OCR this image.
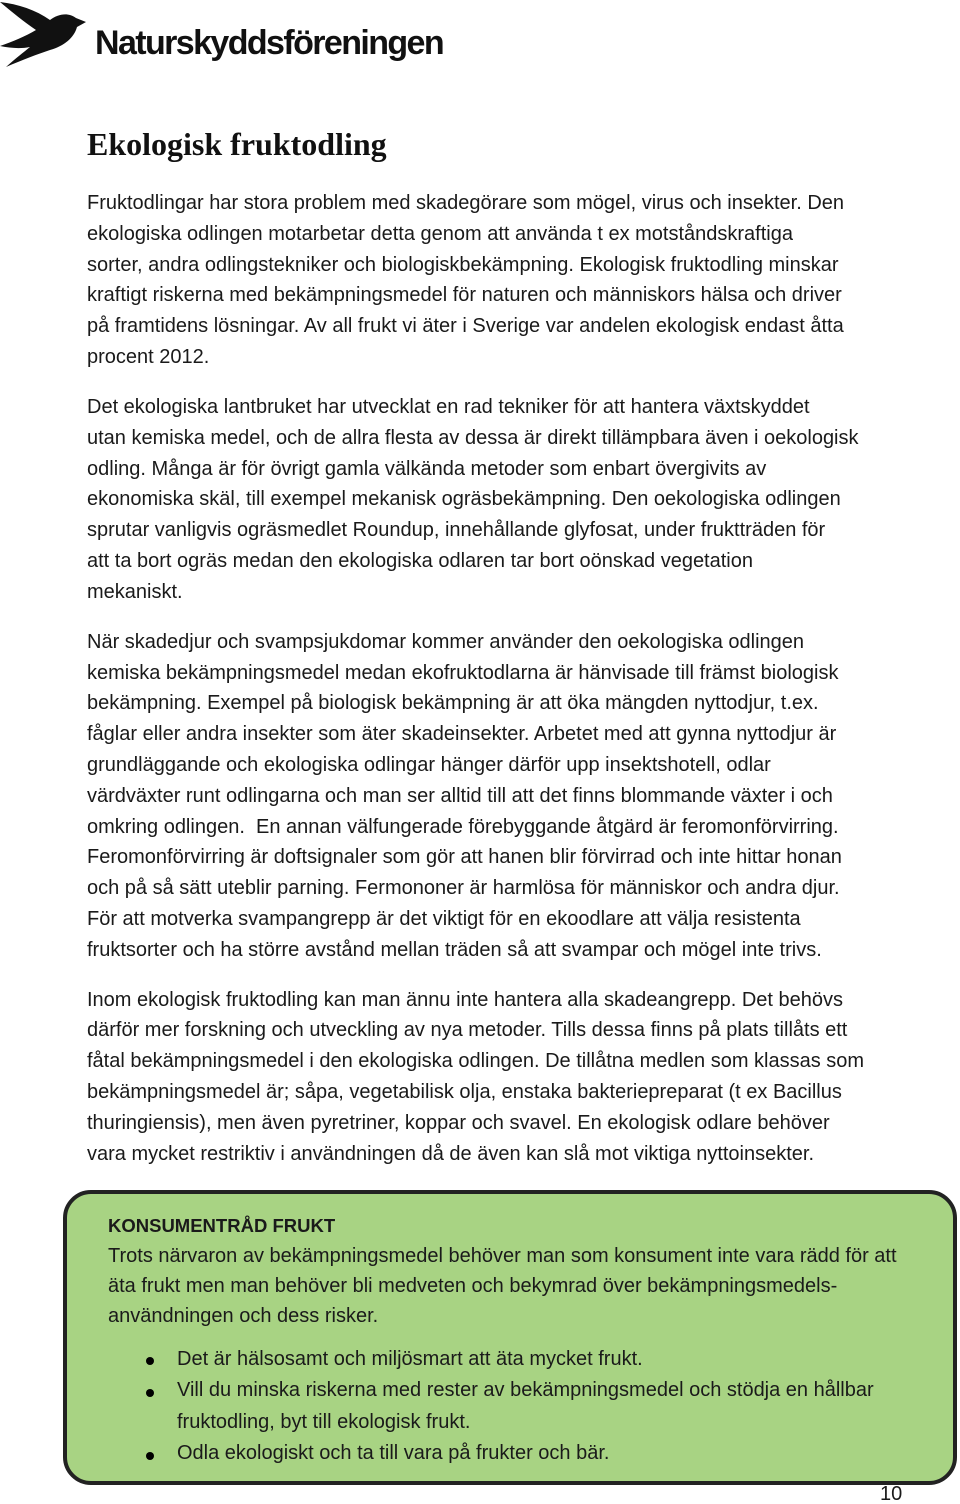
Naturskyddsföreningen
Ekologisk fruktodling

Fruktodlingar har stora problem med skadegörare som mögel, virus och insekter. Den
ekologiska odlingen motarbetar detta genom att använda t ex motståndskraftiga
sorter, andra odlingstekniker och biologiskbekämpning. Ekologisk fruktodling minskar
kraftigt riskerna med bekämpningsmedel för naturen och människors hälsa och driver
på framtidens lösningar. Av all frukt vi äter i Sverige var andelen ekologisk endast åtta
procent 2012.

Det ekologiska lantbruket har utvecklat en rad tekniker för att hantera växtskyddet
utan kemiska medel, och de allra flesta av dessa är direkt tillämpbara även i oekologisk
odling. Många är för övrigt gamla välkända metoder som enbart övergivits av
ekonomiska skäl, till exempel mekanisk ogräsbekämpning. Den oekologiska odlingen
sprutar vanligvis ogräsmedlet Roundup, innehållande glyfosat, under fruktträden för
att ta bort ogräs medan den ekologiska odlaren tar bort oönskad vegetation
mekaniskt.

När skadedjur och svampsjukdomar kommer använder den oekologiska odlingen
kemiska bekämpningsmedel medan ekofruktodlarna är hänvisade till främst biologisk
bekämpning. Exempel på biologisk bekämpning är att öka mängden nyttodjur, t.ex.
fåglar eller andra insekter som äter skadeinsekter. Arbetet med att gynna nyttodjur är
grundläggande och ekologiska odlingar hänger därför upp insektshotell, odlar
värdväxter runt odlingarna och man ser alltid till att det finns blommande växter i och
omkring odlingen.  En annan välfungerade förebyggande åtgärd är feromonförvirring.
Feromonförvirring är doftsignaler som gör att hanen blir förvirrad och inte hittar honan
och på så sätt uteblir parning. Fermononer är harmlösa för människor och andra djur.
För att motverka svampangrepp är det viktigt för en ekoodlare att välja resistenta
fruktsorter och ha större avstånd mellan träden så att svampar och mögel inte trivs.

Inom ekologisk fruktodling kan man ännu inte hantera alla skadeangrepp. Det behövs
därför mer forskning och utveckling av nya metoder. Tills dessa finns på plats tillåts ett
fåtal bekämpningsmedel i den ekologiska odlingen. De tillåtna medlen som klassas som
bekämpningsmedel är; såpa, vegetabilisk olja, enstaka bakteriepreparat (t ex Bacillus
thuringiensis), men även pyretriner, koppar och svavel. En ekologisk odlare behöver
vara mycket restriktiv i användningen då de även kan slå mot viktiga nyttoinsekter.

KONSUMENTRÅD FRUKT
Trots närvaron av bekämpningsmedel behöver man som konsument inte vara rädd för att
äta frukt men man behöver bli medveten och bekymrad över bekämpningsmedels-
användningen och dess risker.
Det är hälsosamt och miljösmart att äta mycket frukt.
Vill du minska riskerna med rester av bekämpningsmedel och stödja en hållbar
fruktodling, byt till ekologisk frukt.
Odla ekologiskt och ta till vara på frukter och bär.
10
